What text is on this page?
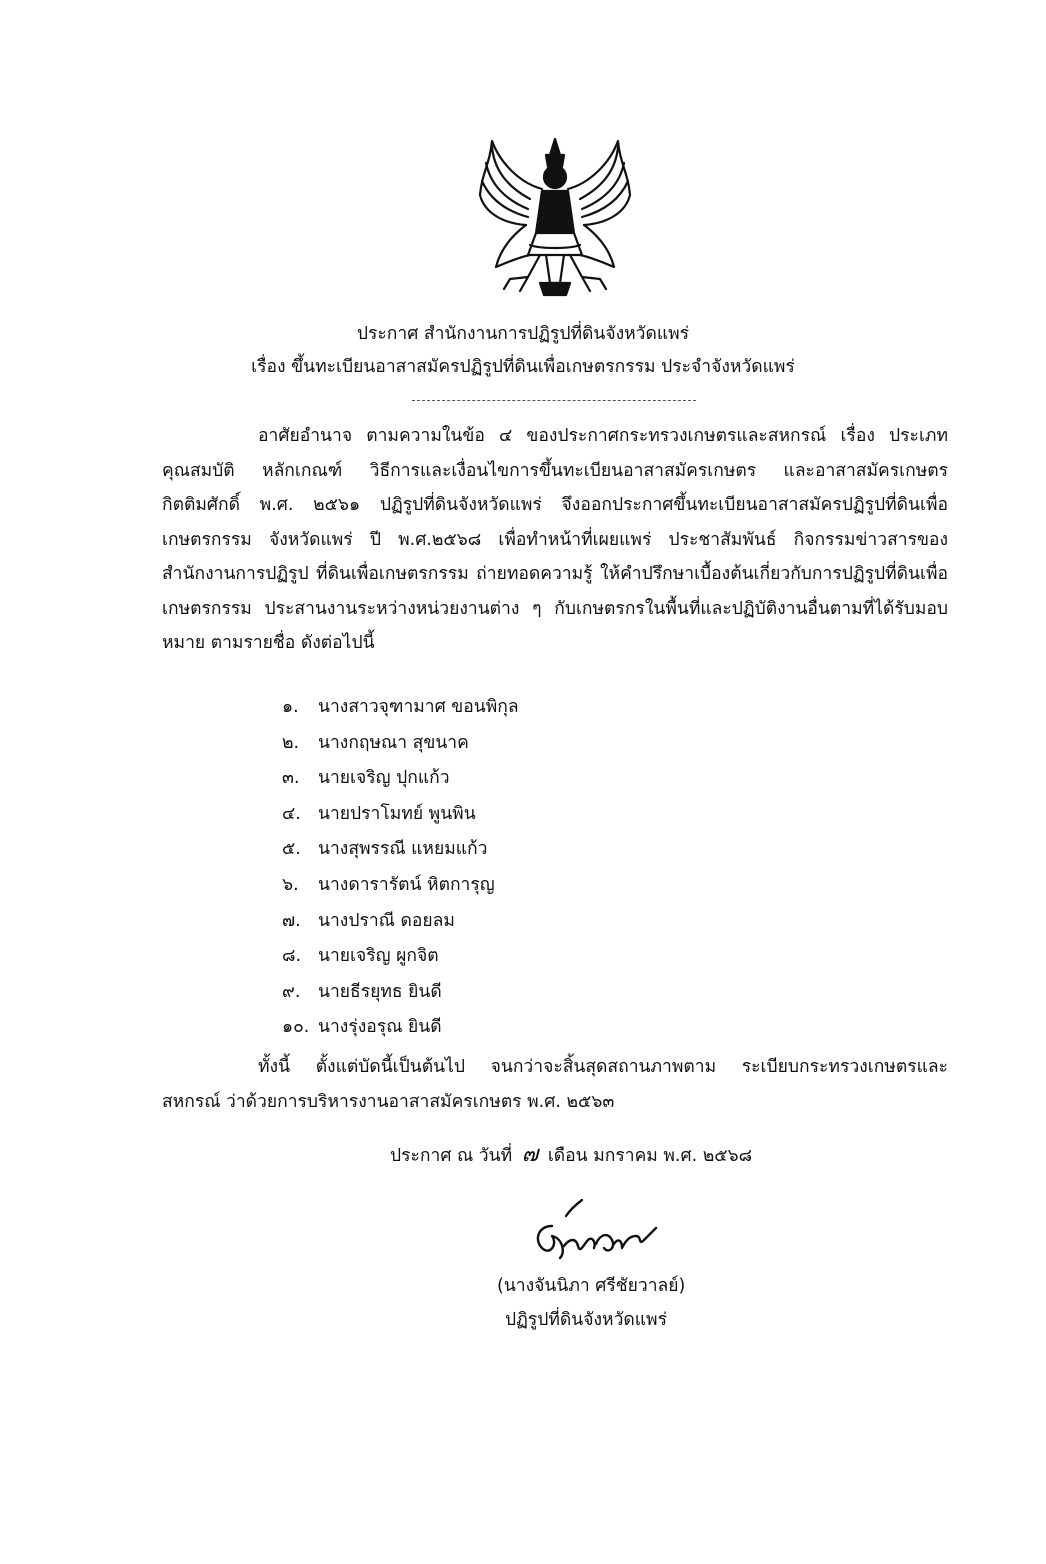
ประกาศ สำนักงานการปฏิรูปที่ดินจังหวัดแพร่
เรื่อง ขึ้นทะเบียนอาสาสมัครปฏิรูปที่ดินเพื่อเกษตรกรรม ประจำจังหวัดแพร่

อาศัยอำนาจ ตามความในข้อ ๔ ของประกาศกระทรวงเกษตรและสหกรณ์ เรื่อง ประเภท คุณสมบัติ หลักเกณฑ์ วิธีการและเงื่อนไขการขึ้นทะเบียนอาสาสมัครเกษตร และอาสาสมัครเกษตรกิตติมศักดิ์ พ.ศ. ๒๕๖๑ ปฏิรูปที่ดินจังหวัดแพร่ จึงออกประกาศขึ้นทะเบียนอาสาสมัครปฏิรูปที่ดินเพื่อเกษตรกรรม จังหวัดแพร่ ปี พ.ศ.๒๕๖๘ เพื่อทำหน้าที่เผยแพร่ ประชาสัมพันธ์ กิจกรรมข่าวสารของสำนักงานการปฏิรูป ที่ดินเพื่อเกษตรกรรม ถ่ายทอดความรู้ ให้คำปรึกษาเบื้องต้นเกี่ยวกับการปฏิรูปที่ดินเพื่อเกษตรกรรม ประสานงานระหว่างหน่วยงานต่าง ๆ กับเกษตรกรในพื้นที่และปฏิบัติงานอื่นตามที่ได้รับมอบหมาย ตามรายชื่อ ดังต่อไปนี้

๑. นางสาวจุฑามาศ ขอนพิกุล
๒. นางกฤษณา สุขนาค
๓. นายเจริญ ปุกแก้ว
๔. นายปราโมทย์ พูนพิน
๕. นางสุพรรณี แหยมแก้ว
๖. นางดารารัตน์ หิตการุญ
๗. นางปราณี ดอยลม
๘. นายเจริญ ผูกจิต
๙. นายธีรยุทธ ยินดี
๑๐. นางรุ่งอรุณ ยินดี

ทั้งนี้ ตั้งแต่บัดนี้เป็นต้นไป จนกว่าจะสิ้นสุดสถานภาพตาม ระเบียบกระทรวงเกษตรและ สหกรณ์ ว่าด้วยการบริหารงานอาสาสมัครเกษตร พ.ศ. ๒๕๖๓

ประกาศ ณ วันที่ ๗ เดือน มกราคม พ.ศ. ๒๕๖๘
(นางจันนิภา ศรีชัยวาลย์)
ปฏิรูปที่ดินจังหวัดแพร่
